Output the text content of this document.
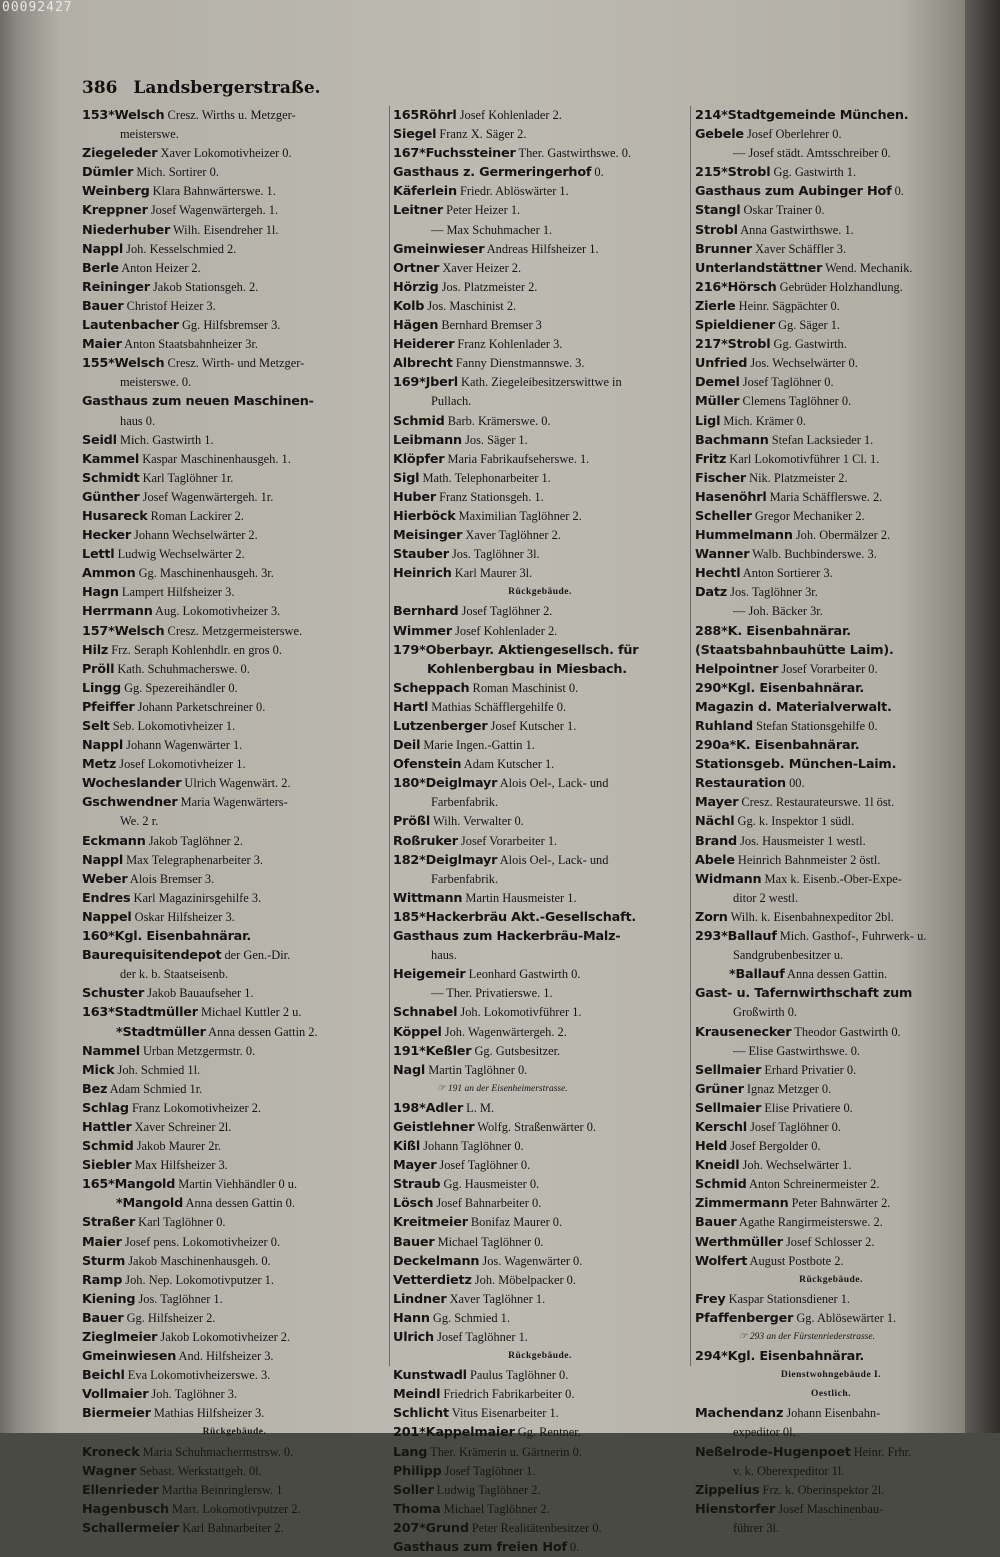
00092427
386 Landsbergerstraße.
153*Welsch Cresz. Wirths u. Metzger-
meisterswe.
Ziegeleder Xaver Lokomotivheizer 0.
Dümler Mich. Sortirer 0.
Weinberg Klara Bahnwärterswe. 1.
Kreppner Josef Wagenwärtergeh. 1.
Niederhuber Wilh. Eisendreher 1l.
Nappl Joh. Kesselschmied 2.
Berle Anton Heizer 2.
Reininger Jakob Stationsgeh. 2.
Bauer Christof Heizer 3.
Lautenbacher Gg. Hilfsbremser 3.
Maier Anton Staatsbahnheizer 3r.
155*Welsch Cresz. Wirth- und Metzger-
meisterswe. 0.
Gasthaus zum neuen Maschinen-
haus 0.
Seidl Mich. Gastwirth 1.
Kammel Kaspar Maschinenhausgeh. 1.
Schmidt Karl Taglöhner 1r.
Günther Josef Wagenwärtergeh. 1r.
Husareck Roman Lackirer 2.
Hecker Johann Wechselwärter 2.
Lettl Ludwig Wechselwärter 2.
Ammon Gg. Maschinenhausgeh. 3r.
Hagn Lampert Hilfsheizer 3.
Herrmann Aug. Lokomotivheizer 3.
157*Welsch Cresz. Metzgermeisterswe.
Hilz Frz. Seraph Kohlenhdlr. en gros 0.
Pröll Kath. Schuhmacherswe. 0.
Lingg Gg. Spezereihändler 0.
Pfeiffer Johann Parketschreiner 0.
Selt Seb. Lokomotivheizer 1.
Nappl Johann Wagenwärter 1.
Metz Josef Lokomotivheizer 1.
Wocheslander Ulrich Wagenwärt. 2.
Gschwendner Maria Wagenwärters-
We. 2 r.
Eckmann Jakob Taglöhner 2.
Nappl Max Telegraphenarbeiter 3.
Weber Alois Bremser 3.
Endres Karl Magazinirsgehilfe 3.
Nappel Oskar Hilfsheizer 3.
160*Kgl. Eisenbahnärar.
Baurequisitendepot der Gen.-Dir.
der k. b. Staatseisenb.
Schuster Jakob Bauaufseher 1.
163*Stadtmüller Michael Kuttler 2 u.
*Stadtmüller Anna dessen Gattin 2.
Nammel Urban Metzgermstr. 0.
Mick Joh. Schmied 1l.
Bez Adam Schmied 1r.
Schlag Franz Lokomotivheizer 2.
Hattler Xaver Schreiner 2l.
Schmid Jakob Maurer 2r.
Siebler Max Hilfsheizer 3.
165*Mangold Martin Viehhändler 0 u.
*Mangold Anna dessen Gattin 0.
Straßer Karl Taglöhner 0.
Maier Josef pens. Lokomotivheizer 0.
Sturm Jakob Maschinenhausgeh. 0.
Ramp Joh. Nep. Lokomotivputzer 1.
Kiening Jos. Taglöhner 1.
Bauer Gg. Hilfsheizer 2.
Zieglmeier Jakob Lokomotivheizer 2.
Gmeinwiesen And. Hilfsheizer 3.
Beichl Eva Lokomotivheizerswe. 3.
Vollmaier Joh. Taglöhner 3.
Biermeier Mathias Hilfsheizer 3.
Rückgebäude.
Kroneck Maria Schuhmachermstrsw. 0.
Wagner Sebast. Werkstattgeh. 0l.
Ellenrieder Martha Beinringlersw. 1
Hagenbusch Mart. Lokomotivputzer 2.
Schallermeier Karl Bahnarbeiter 2.
165Röhrl Josef Kohlenlader 2.
Siegel Franz X. Säger 2.
167*Fuchssteiner Ther. Gastwirthswe. 0.
Gasthaus z. Germeringerhof 0.
Käferlein Friedr. Ablöswärter 1.
Leitner Peter Heizer 1.
— Max Schuhmacher 1.
Gmeinwieser Andreas Hilfsheizer 1.
Ortner Xaver Heizer 2.
Hörzig Jos. Platzmeister 2.
Kolb Jos. Maschinist 2.
Hägen Bernhard Bremser 3
Heiderer Franz Kohlenlader 3.
Albrecht Fanny Dienstmannswe. 3.
169*Jberl Kath. Ziegeleibesitzerswittwe in
Pullach.
Schmid Barb. Krämerswe. 0.
Leibmann Jos. Säger 1.
Klöpfer Maria Fabrikaufseherswe. 1.
Sigl Math. Telephonarbeiter 1.
Huber Franz Stationsgeh. 1.
Hierböck Maximilian Taglöhner 2.
Meisinger Xaver Taglöhner 2.
Stauber Jos. Taglöhner 3l.
Heinrich Karl Maurer 3l.
Rückgebäude.
Bernhard Josef Taglöhner 2.
Wimmer Josef Kohlenlader 2.
179*Oberbayr. Aktiengesellsch. für
Kohlenbergbau in Miesbach.
Scheppach Roman Maschinist 0.
Hartl Mathias Schäfflergehilfe 0.
Lutzenberger Josef Kutscher 1.
Deil Marie Ingen.-Gattin 1.
Ofenstein Adam Kutscher 1.
180*Deiglmayr Alois Oel-, Lack- und
Farbenfabrik.
Prößl Wilh. Verwalter 0.
Roßruker Josef Vorarbeiter 1.
182*Deiglmayr Alois Oel-, Lack- und
Farbenfabrik.
Wittmann Martin Hausmeister 1.
185*Hackerbräu Akt.-Gesellschaft.
Gasthaus zum Hackerbräu-Malz-
haus.
Heigemeir Leonhard Gastwirth 0.
— Ther. Privatierswe. 1.
Schnabel Joh. Lokomotivführer 1.
Köppel Joh. Wagenwärtergeh. 2.
191*Keßler Gg. Gutsbesitzer.
Nagl Martin Taglöhner 0.
☞ 191 an der Eisenheimerstrasse.
198*Adler L. M.
Geistlehner Wolfg. Straßenwärter 0.
Kißl Johann Taglöhner 0.
Mayer Josef Taglöhner 0.
Straub Gg. Hausmeister 0.
Lösch Josef Bahnarbeiter 0.
Kreitmeier Bonifaz Maurer 0.
Bauer Michael Taglöhner 0.
Deckelmann Jos. Wagenwärter 0.
Vetterdietz Joh. Möbelpacker 0.
Lindner Xaver Taglöhner 1.
Hann Gg. Schmied 1.
Ulrich Josef Taglöhner 1.
Rückgebäude.
Kunstwadl Paulus Taglöhner 0.
Meindl Friedrich Fabrikarbeiter 0.
Schlicht Vitus Eisenarbeiter 1.
201*Kappelmaier Gg. Rentner.
Lang Ther. Krämerin u. Gärtnerin 0.
Philipp Josef Taglöhner 1.
Soller Ludwig Taglöhner 2.
Thoma Michael Taglöhner 2.
207*Grund Peter Realitätenbesitzer 0.
Gasthaus zum freien Hof 0.
214*Stadtgemeinde München.
Gebele Josef Oberlehrer 0.
— Josef städt. Amtsschreiber 0.
215*Strobl Gg. Gastwirth 1.
Gasthaus zum Aubinger Hof 0.
Stangl Oskar Trainer 0.
Strobl Anna Gastwirthswe. 1.
Brunner Xaver Schäffler 3.
Unterlandstättner Wend. Mechanik.
216*Hörsch Gebrüder Holzhandlung.
Zierle Heinr. Sägpächter 0.
Spieldiener Gg. Säger 1.
217*Strobl Gg. Gastwirth.
Unfried Jos. Wechselwärter 0.
Demel Josef Taglöhner 0.
Müller Clemens Taglöhner 0.
Ligl Mich. Krämer 0.
Bachmann Stefan Lacksieder 1.
Fritz Karl Lokomotivführer 1 Cl. 1.
Fischer Nik. Platzmeister 2.
Hasenöhrl Maria Schäfflerswe. 2.
Scheller Gregor Mechaniker 2.
Hummelmann Joh. Obermälzer 2.
Wanner Walb. Buchbinderswe. 3.
Hechtl Anton Sortierer 3.
Datz Jos. Taglöhner 3r.
— Joh. Bäcker 3r.
288*K. Eisenbahnärar.
(Staatsbahnbauhütte Laim).
Helpointner Josef Vorarbeiter 0.
290*Kgl. Eisenbahnärar.
Magazin d. Materialverwalt.
Ruhland Stefan Stationsgehilfe 0.
290a*K. Eisenbahnärar.
Stationsgeb. München-Laim.
Restauration 00.
Mayer Cresz. Restaurateurswe. 1l öst.
Nächl Gg. k. Inspektor 1 südl.
Brand Jos. Hausmeister 1 westl.
Abele Heinrich Bahnmeister 2 östl.
Widmann Max k. Eisenb.-Ober-Expe-
ditor 2 westl.
Zorn Wilh. k. Eisenbahnexpeditor 2bl.
293*Ballauf Mich. Gasthof-, Fuhrwerk- u.
Sandgrubenbesitzer u.
*Ballauf Anna dessen Gattin.
Gast- u. Tafernwirthschaft zum
Großwirth 0.
Krausenecker Theodor Gastwirth 0.
— Elise Gastwirthswe. 0.
Sellmaier Erhard Privatier 0.
Grüner Ignaz Metzger 0.
Sellmaier Elise Privatiere 0.
Kerschl Josef Taglöhner 0.
Held Josef Bergolder 0.
Kneidl Joh. Wechselwärter 1.
Schmid Anton Schreinermeister 2.
Zimmermann Peter Bahnwärter 2.
Bauer Agathe Rangirmeisterswe. 2.
Werthmüller Josef Schlosser 2.
Wolfert August Postbote 2.
Rückgebäude.
Frey Kaspar Stationsdiener 1.
Pfaffenberger Gg. Ablösewärter 1.
☞ 293 an der Fürstenriederstrasse.
294*Kgl. Eisenbahnärar.
Dienstwohngebäude I.
Oestlich.
Machendanz Johann Eisenbahn-
expeditor 0l.
Neßelrode-Hugenpoet Heinr. Frhr.
v. k. Oberexpeditor 1l.
Zippelius Frz. k. Oberinspektor 2l.
Hienstorfer Josef Maschinenbau-
führer 3l.
